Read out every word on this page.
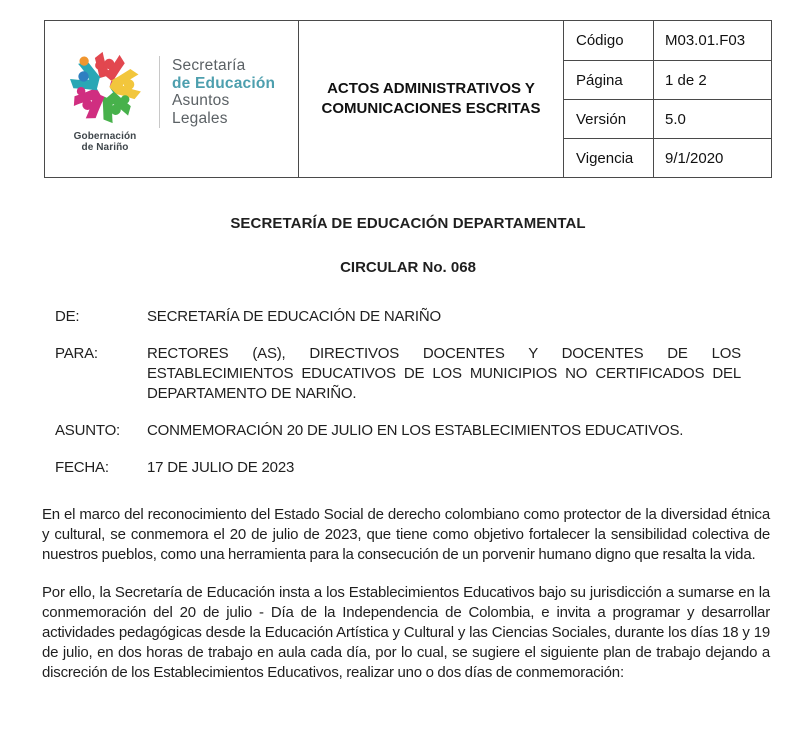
Gobernación
de Nariño
Secretaría
de Educación
Asuntos
Legales
ACTOS ADMINISTRATIVOS Y COMUNICACIONES ESCRITAS
Código	M03.01.F03
Página	1 de 2
Versión	5.0
Vigencia	9/1/2020
SECRETARÍA DE EDUCACIÓN DEPARTAMENTAL
CIRCULAR No. 068
DE:	SECRETARÍA DE EDUCACIÓN DE NARIÑO
PARA:	RECTORES (AS), DIRECTIVOS DOCENTES Y DOCENTES DE LOS ESTABLECIMIENTOS EDUCATIVOS DE LOS MUNICIPIOS NO CERTIFICADOS DEL DEPARTAMENTO DE NARIÑO.
ASUNTO:	CONMEMORACIÓN 20 DE JULIO EN LOS ESTABLECIMIENTOS EDUCATIVOS.
FECHA:	17 DE JULIO DE 2023

En el marco del reconocimiento del Estado Social de derecho colombiano como protector de la diversidad étnica y cultural, se conmemora el 20 de julio de 2023, que tiene como objetivo fortalecer la sensibilidad colectiva de nuestros pueblos, como una herramienta para la consecución de un porvenir humano digno que resalta la vida.

Por ello, la Secretaría de Educación insta a los Establecimientos Educativos bajo su jurisdicción a sumarse en la conmemoración del 20 de julio - Día de la Independencia de Colombia, e invita a programar y desarrollar actividades pedagógicas desde la Educación Artística y Cultural y las Ciencias Sociales, durante los días 18 y 19 de julio, en dos horas de trabajo en aula cada día, por lo cual, se sugiere el siguiente plan de trabajo dejando a discreción de los Establecimientos Educativos, realizar uno o dos días de conmemoración:
